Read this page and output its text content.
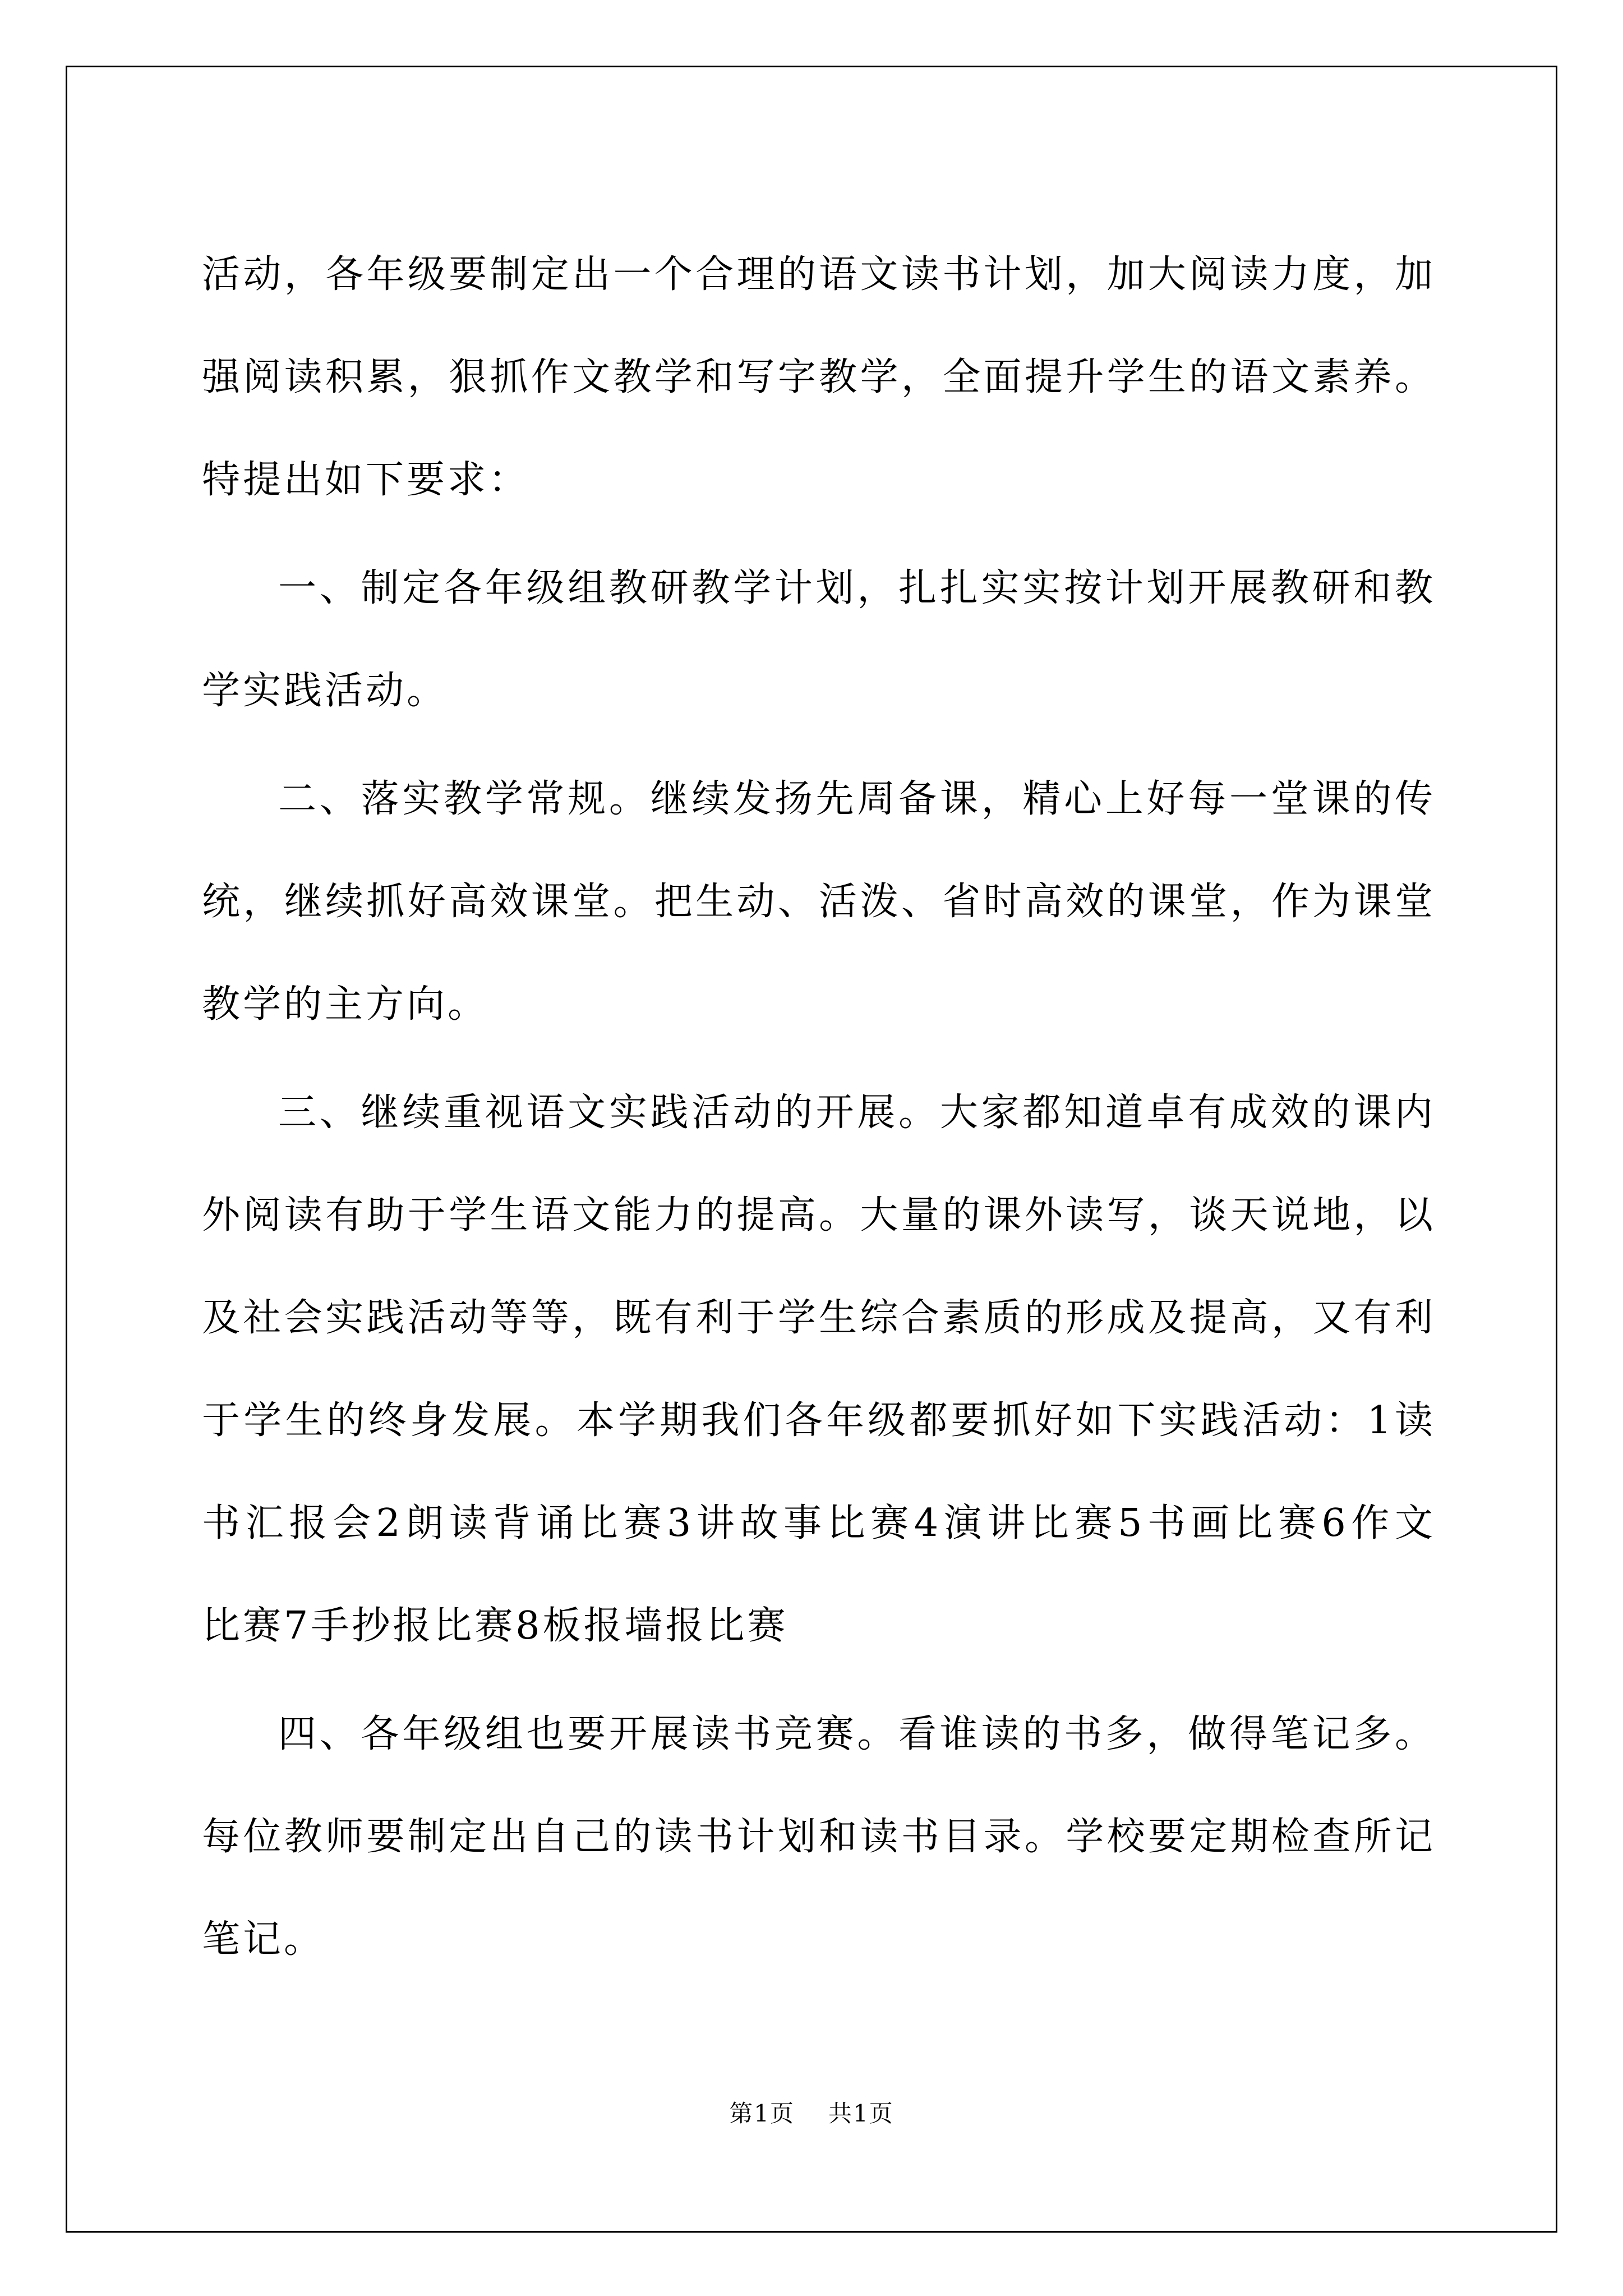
活动，各年级要制定出一个合理的语文读书计划，加大阅读力度，加
强阅读积累，狠抓作文教学和写字教学，全面提升学生的语文素养。
特提出如下要求：
一、制定各年级组教研教学计划，扎扎实实按计划开展教研和教
学实践活动。
二、落实教学常规。继续发扬先周备课，精心上好每一堂课的传
统，继续抓好高效课堂。把生动、活泼、省时高效的课堂，作为课堂
教学的主方向。
三、继续重视语文实践活动的开展。大家都知道卓有成效的课内
外阅读有助于学生语文能力的提高。大量的课外读写，谈天说地，以
及社会实践活动等等，既有利于学生综合素质的形成及提高，又有利
于学生的终身发展。本学期我们各年级都要抓好如下实践活动：1读
书汇报会2朗读背诵比赛3讲故事比赛4演讲比赛5书画比赛6作文
比赛7手抄报比赛8板报墙报比赛
四、各年级组也要开展读书竞赛。看谁读的书多，做得笔记多。
每位教师要制定出自己的读书计划和读书目录。学校要定期检查所记
笔记。
第1页 共1页
